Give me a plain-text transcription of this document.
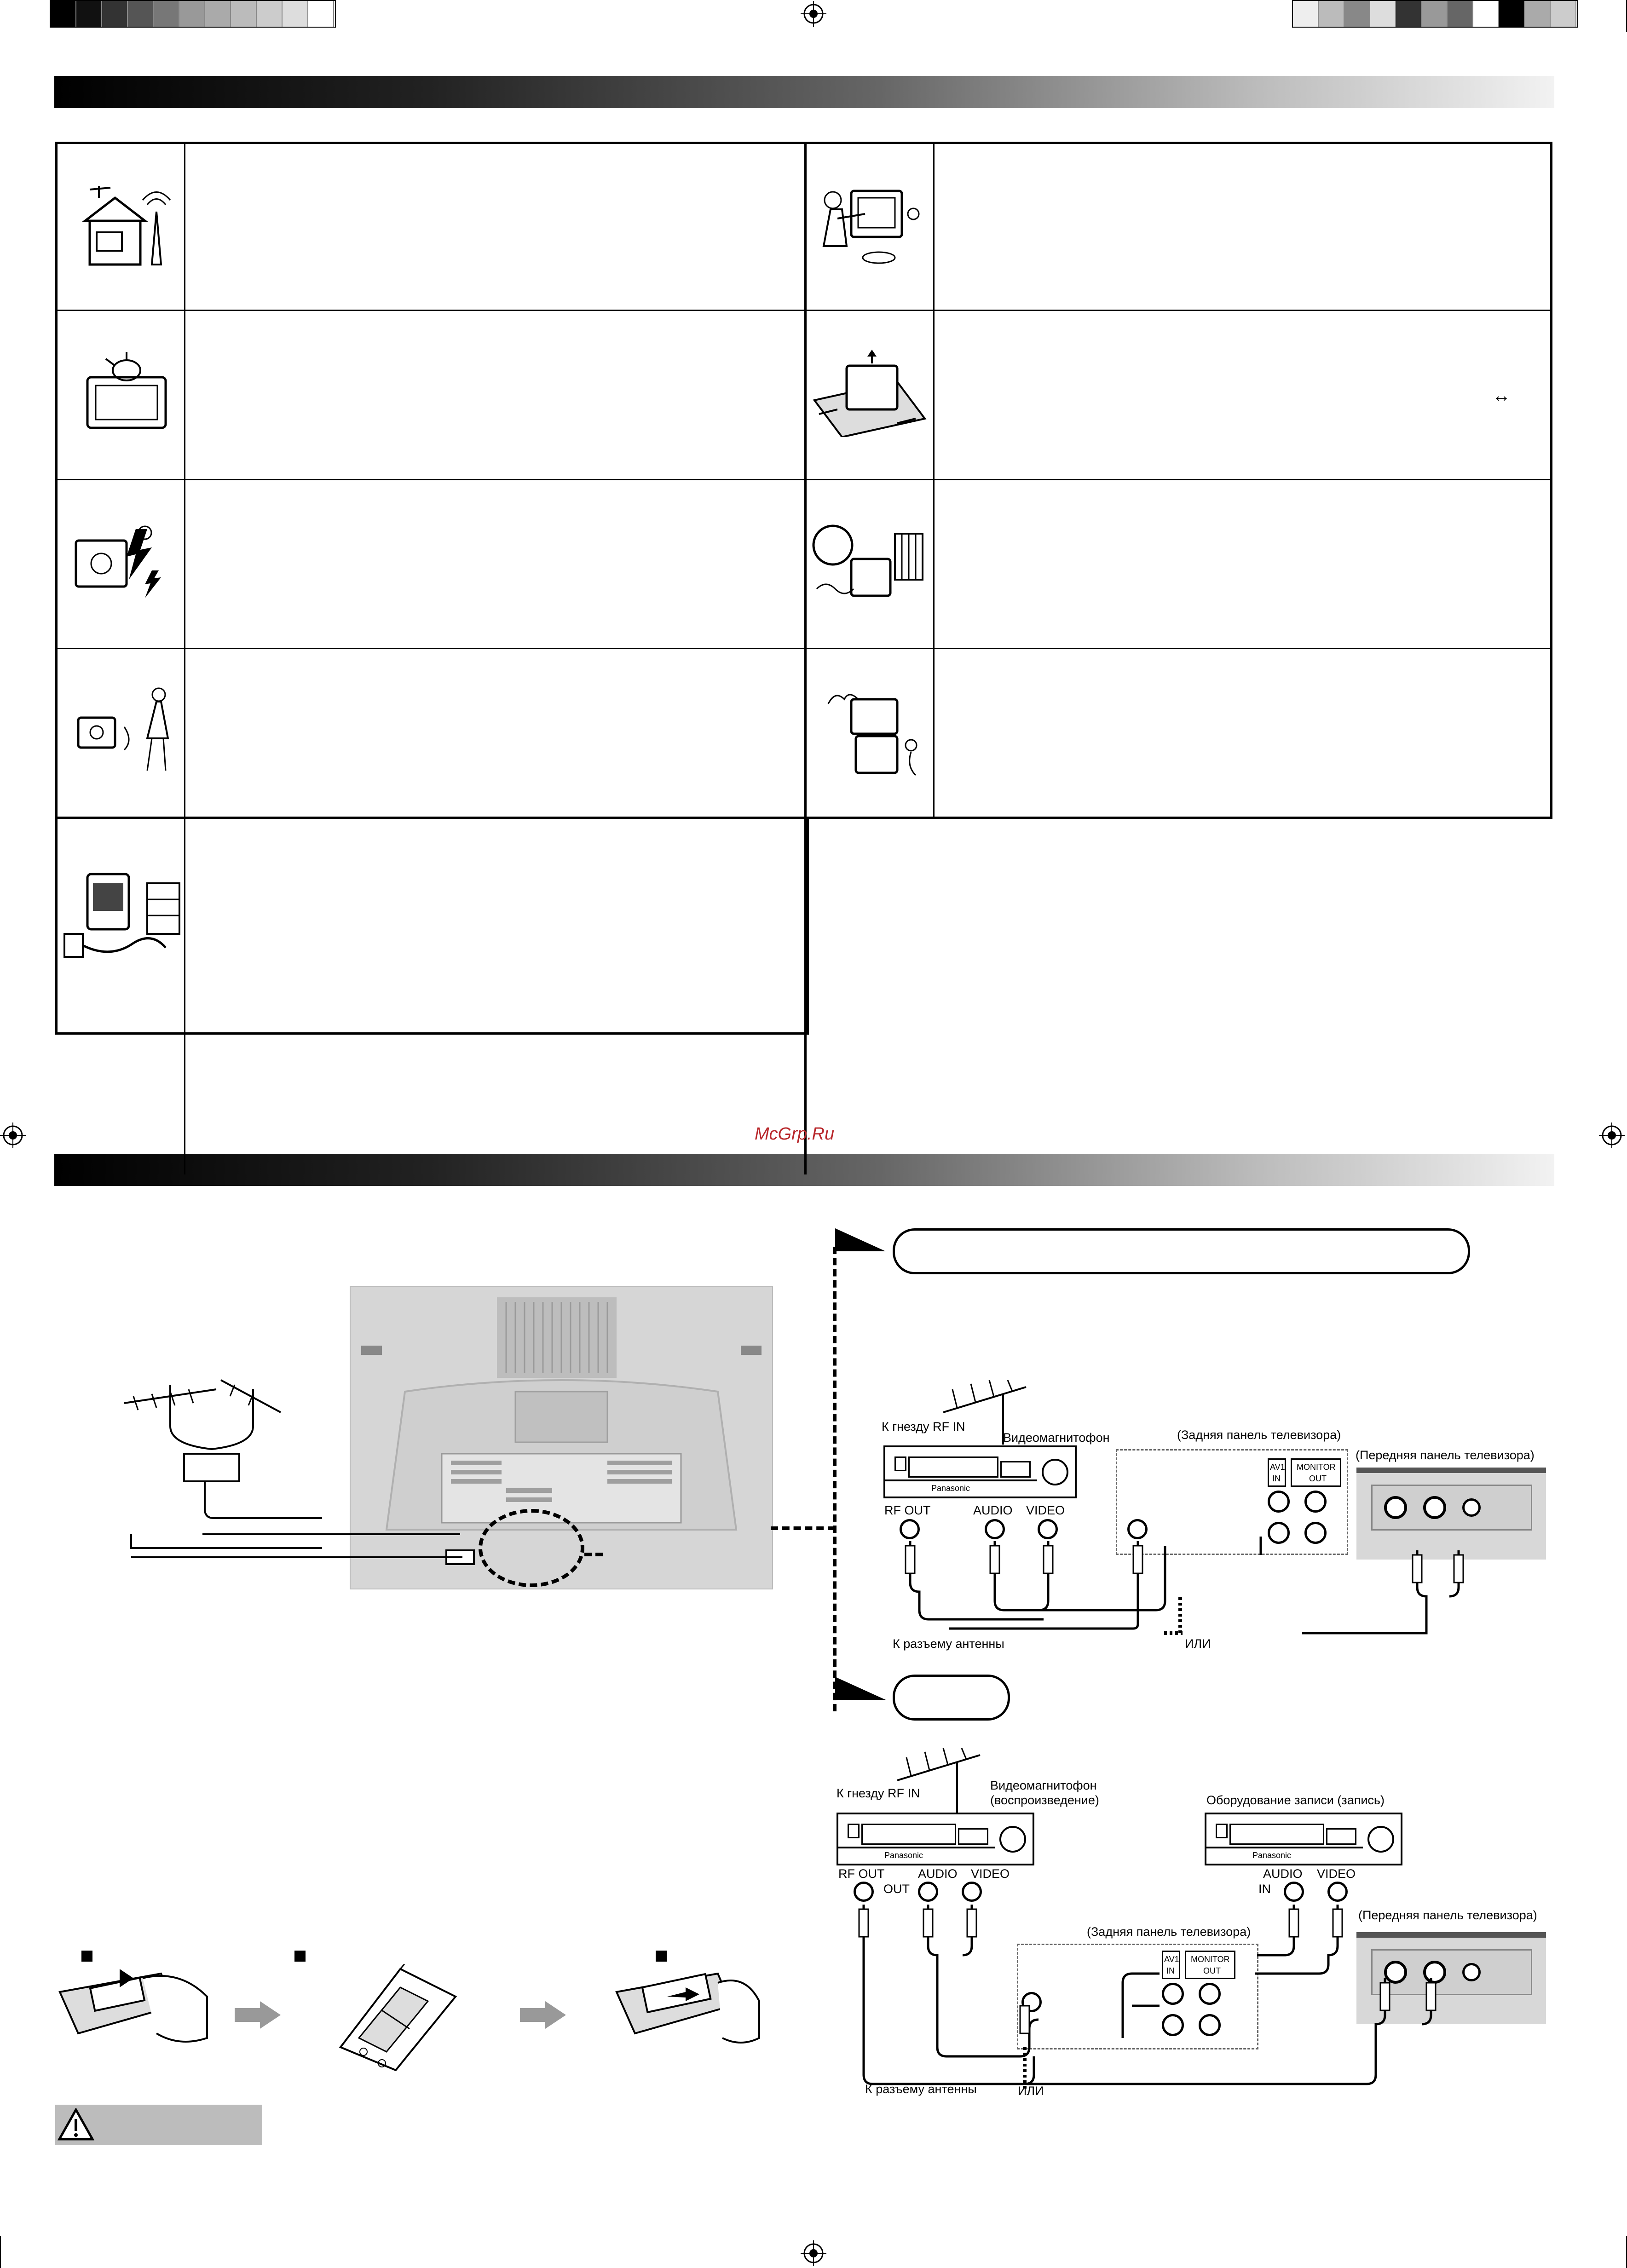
↔
McGrp.Ru
К гнезду RF IN
Видеомагнитофон	(Задняя панель телевизора)
(Передняя панель телевизора)
Panasonic
RF OUT	AUDIO VIDEO
AV1
IN
MONITOR
OUT
К разъему антенны	ИЛИ
К гнезду RF IN
Видеомагнитофон
(воспроизведение)	Оборудование записи (запись)
Panasonic	Panasonic
RF OUT	AUDIO
OUT
VIDEO	AUDIO
IN
VIDEO
(Задняя панель телевизора)
(Передняя панель телевизора)
AV1
IN
MONITOR
OUT
К разъему антенны	ИЛИ
